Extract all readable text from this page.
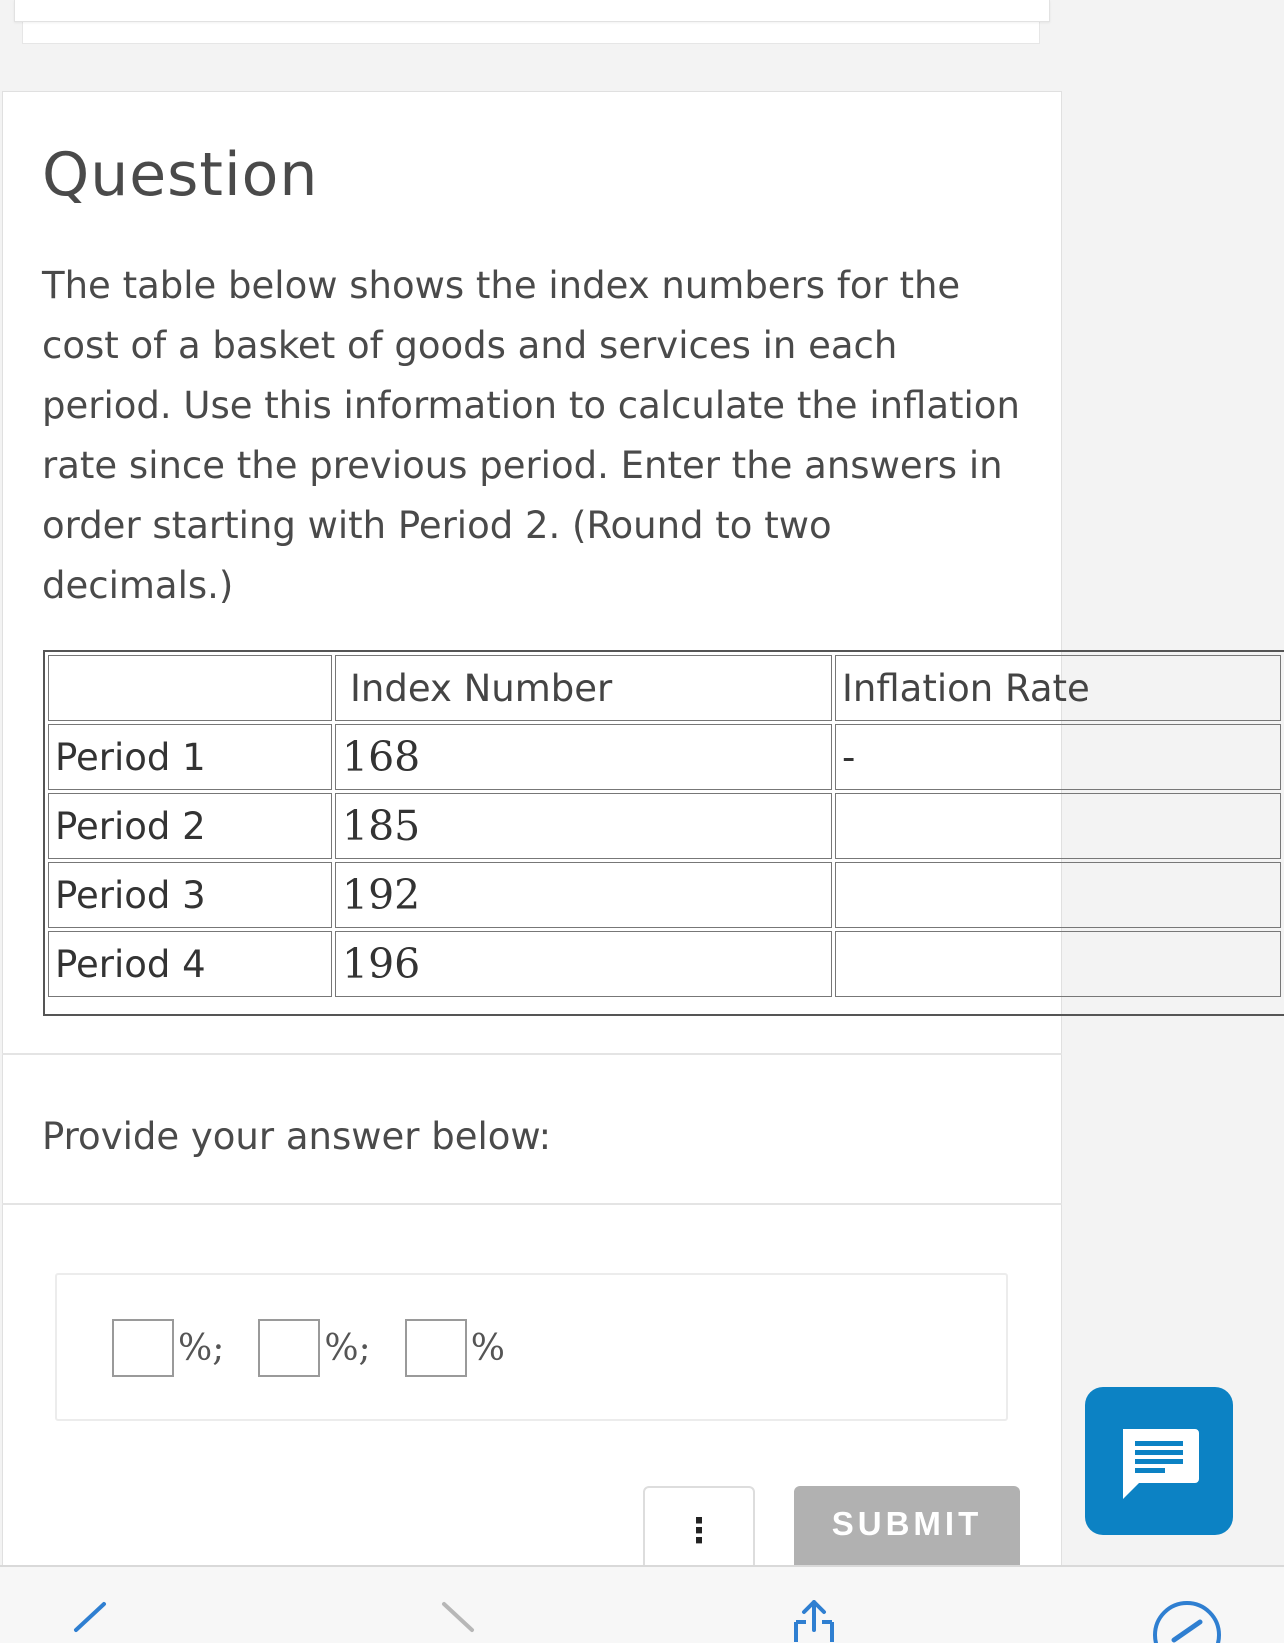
Question
The table below shows the index numbers for the cost of a basket of goods and services in each period. Use this information to calculate the inflation rate since the previous period. Enter the answers in order starting with Period 2. (Round to two decimals.)
	Index Number	Inflation Rate
Period 1	168	-
Period 2	185	
Period 3	192	
Period 4	196	
Provide your answer below:
%;	%;	%
⋮	SUBMIT
